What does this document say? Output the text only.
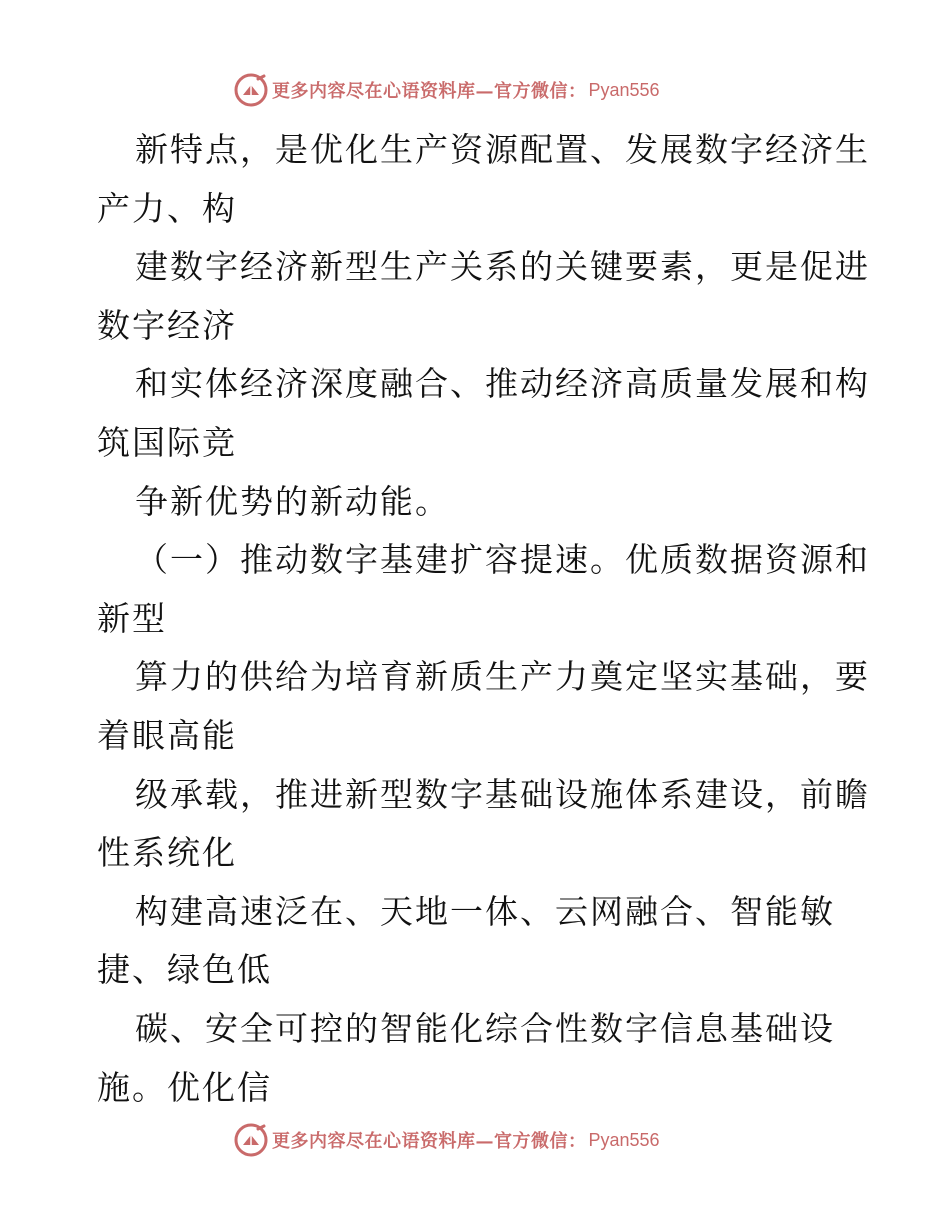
更多内容尽在心语资料库—官方微信： Pyan556
新特点，是优化生产资源配置、发展数字经济生
产力、构
建数字经济新型生产关系的关键要素，更是促进
数字经济
和实体经济深度融合、推动经济高质量发展和构
筑国际竞
争新优势的新动能。
（一）推动数字基建扩容提速。优质数据资源和
新型
算力的供给为培育新质生产力奠定坚实基础，要
着眼高能
级承载，推进新型数字基础设施体系建设，前瞻
性系统化
构建高速泛在、天地一体、云网融合、智能敏
捷、绿色低
碳、安全可控的智能化综合性数字信息基础设
施。优化信
更多内容尽在心语资料库—官方微信： Pyan556
